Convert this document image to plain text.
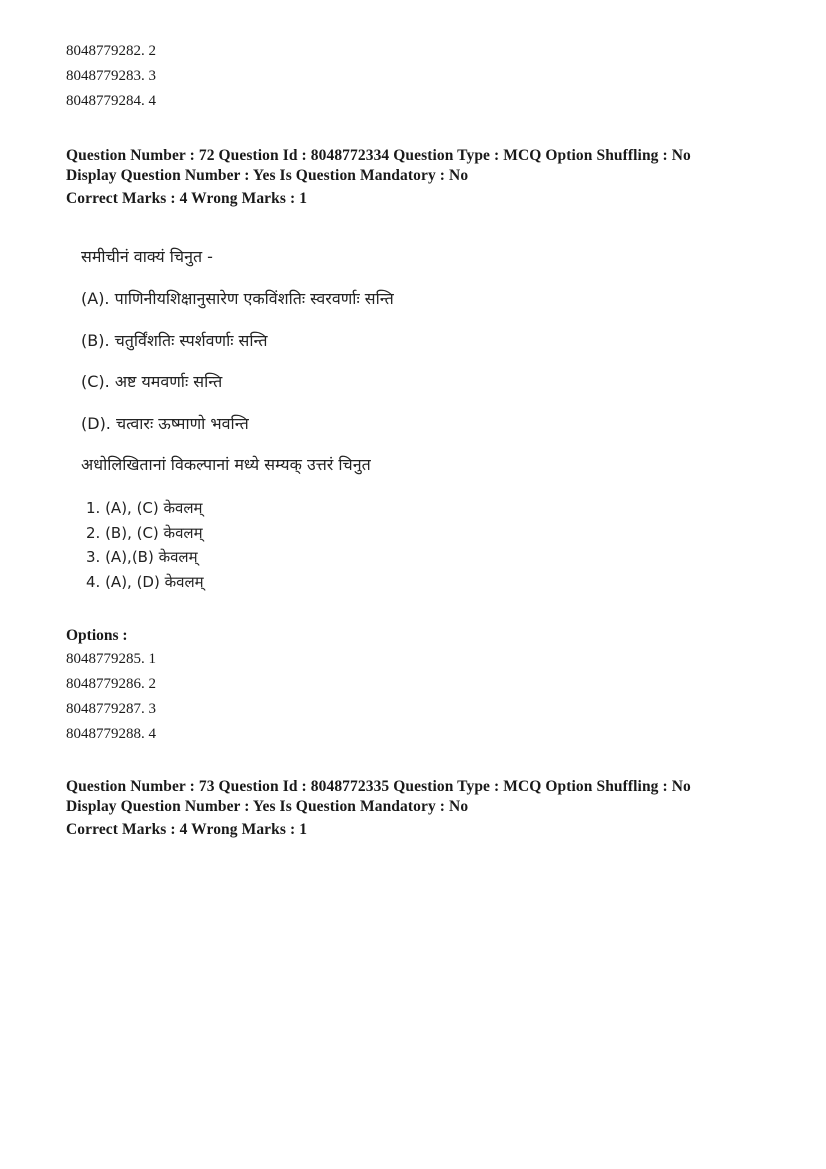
8048779282. 2
8048779283. 3
8048779284. 4
Question Number : 72 Question Id : 8048772334 Question Type : MCQ Option Shuffling : No
Display Question Number : Yes Is Question Mandatory : No
Correct Marks : 4 Wrong Marks : 1
समीचीनं वाक्यं चिनुत -
(A). पाणिनीयशिक्षानुसारेण एकविंशतिः स्वरवर्णाः सन्ति
(B). चतुर्विंशतिः स्पर्शवर्णाः सन्ति
(C). अष्ट यमवर्णाः सन्ति
(D). चत्वारः ऊष्माणो भवन्ति
अधोलिखितानां विकल्पानां मध्ये सम्यक् उत्तरं चिनुत
1. (A), (C) केवलम्
2. (B), (C) केवलम्
3. (A),(B) केवलम्
4. (A), (D) केवलम्
Options :
8048779285. 1
8048779286. 2
8048779287. 3
8048779288. 4
Question Number : 73 Question Id : 8048772335 Question Type : MCQ Option Shuffling : No
Display Question Number : Yes Is Question Mandatory : No
Correct Marks : 4 Wrong Marks : 1
